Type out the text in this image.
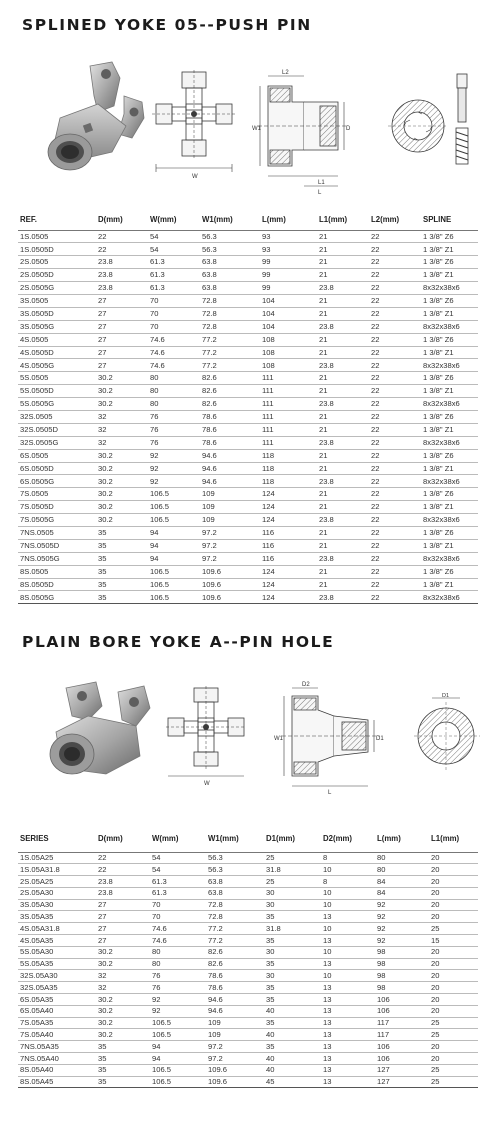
SPLINED YOKE 05--PUSH PIN
W
L2
W1	D
L1
L
REF.	D(mm)	W(mm)	W1(mm)	L(mm)	L1(mm)	L2(mm)	SPLINE
1S.0505	22	54	56.3	93	21	22	1 3/8" Z6
1S.0505D	22	54	56.3	93	21	22	1 3/8" Z1
2S.0505	23.8	61.3	63.8	99	21	22	1 3/8" Z6
2S.0505D	23.8	61.3	63.8	99	21	22	1 3/8" Z1
2S.0505G	23.8	61.3	63.8	99	23.8	22	8x32x38x6
3S.0505	27	70	72.8	104	21	22	1 3/8" Z6
3S.0505D	27	70	72.8	104	21	22	1 3/8" Z1
3S.0505G	27	70	72.8	104	23.8	22	8x32x38x6
4S.0505	27	74.6	77.2	108	21	22	1 3/8" Z6
4S.0505D	27	74.6	77.2	108	21	22	1 3/8" Z1
4S.0505G	27	74.6	77.2	108	23.8	22	8x32x38x6
5S.0505	30.2	80	82.6	111	21	22	1 3/8" Z6
5S.0505D	30.2	80	82.6	111	21	22	1 3/8" Z1
5S.0505G	30.2	80	82.6	111	23.8	22	8x32x38x6
32S.0505	32	76	78.6	111	21	22	1 3/8" Z6
32S.0505D	32	76	78.6	111	21	22	1 3/8" Z1
32S.0505G	32	76	78.6	111	23.8	22	8x32x38x6
6S.0505	30.2	92	94.6	118	21	22	1 3/8" Z6
6S.0505D	30.2	92	94.6	118	21	22	1 3/8" Z1
6S.0505G	30.2	92	94.6	118	23.8	22	8x32x38x6
7S.0505	30.2	106.5	109	124	21	22	1 3/8" Z6
7S.0505D	30.2	106.5	109	124	21	22	1 3/8" Z1
7S.0505G	30.2	106.5	109	124	23.8	22	8x32x38x6
7NS.0505	35	94	97.2	116	21	22	1 3/8" Z6
7NS.0505D	35	94	97.2	116	21	22	1 3/8" Z1
7NS.0505G	35	94	97.2	116	23.8	22	8x32x38x6
8S.0505	35	106.5	109.6	124	21	22	1 3/8" Z6
8S.0505D	35	106.5	109.6	124	21	22	1 3/8" Z1
8S.0505G	35	106.5	109.6	124	23.8	22	8x32x38x6
PLAIN BORE YOKE A--PIN HOLE
W
D2
W1	D1
L
D1
SERIES	D(mm)	W(mm)	W1(mm)	D1(mm)	D2(mm)	L(mm)	L1(mm)
1S.05A25	22	54	56.3	25	8	80	20
1S.05A31.8	22	54	56.3	31.8	10	80	20
2S.05A25	23.8	61.3	63.8	25	8	84	20
2S.05A30	23.8	61.3	63.8	30	10	84	20
3S.05A30	27	70	72.8	30	10	92	20
3S.05A35	27	70	72.8	35	13	92	20
4S.05A31.8	27	74.6	77.2	31.8	10	92	25
4S.05A35	27	74.6	77.2	35	13	92	15
5S.05A30	30.2	80	82.6	30	10	98	20
5S.05A35	30.2	80	82.6	35	13	98	20
32S.05A30	32	76	78.6	30	10	98	20
32S.05A35	32	76	78.6	35	13	98	20
6S.05A35	30.2	92	94.6	35	13	106	20
6S.05A40	30.2	92	94.6	40	13	106	20
7S.05A35	30.2	106.5	109	35	13	117	25
7S.05A40	30.2	106.5	109	40	13	117	25
7NS.05A35	35	94	97.2	35	13	106	20
7NS.05A40	35	94	97.2	40	13	106	20
8S.05A40	35	106.5	109.6	40	13	127	25
8S.05A45	35	106.5	109.6	45	13	127	25
